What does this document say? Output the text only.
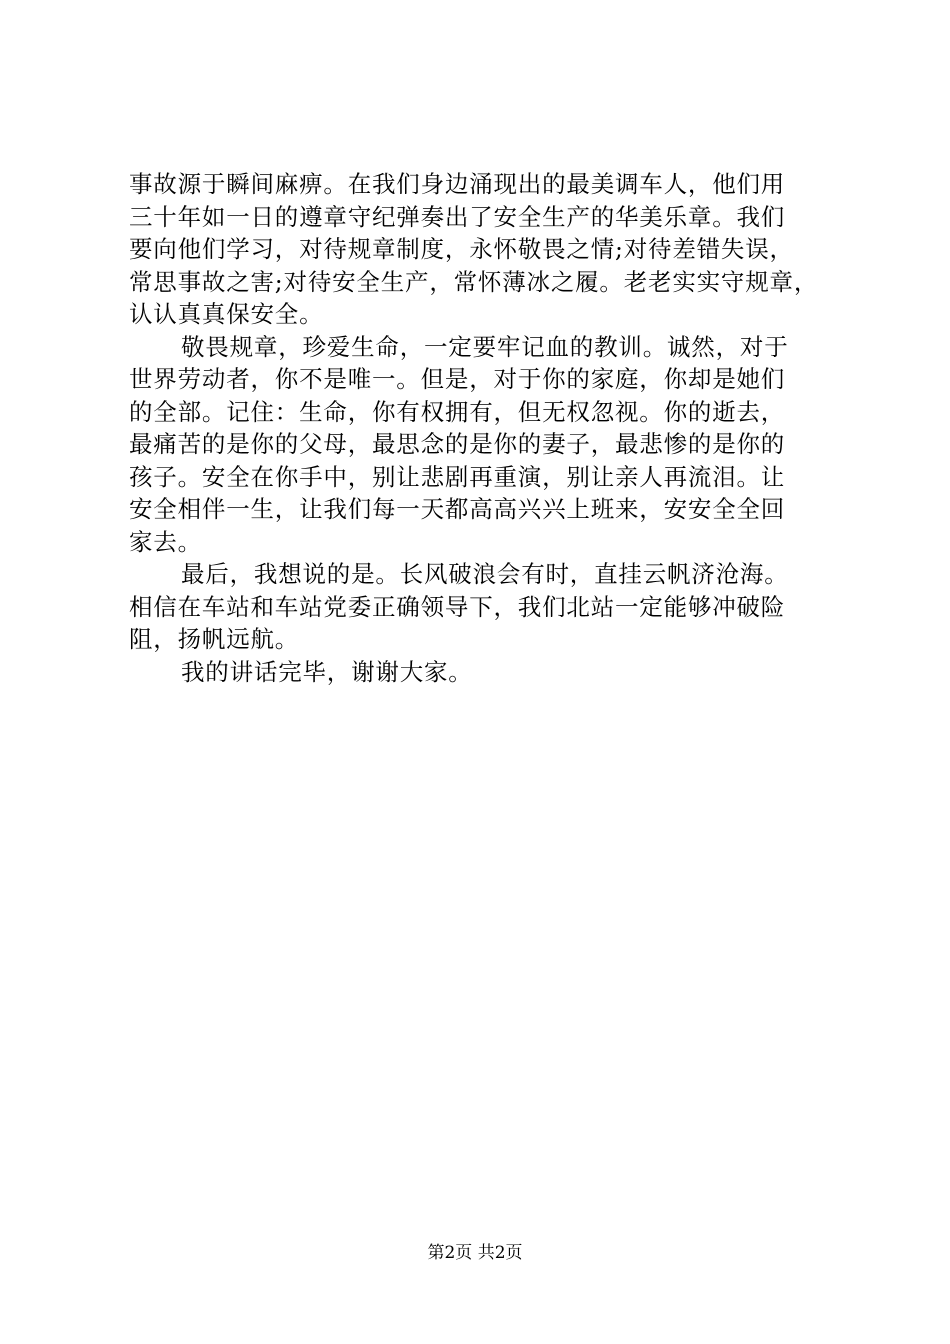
事故源于瞬间麻痹。在我们身边涌现出的最美调车人，他们用
三十年如一日的遵章守纪弹奏出了安全生产的华美乐章。我们
要向他们学习，对待规章制度，永怀敬畏之情;对待差错失误，
常思事故之害;对待安全生产，常怀薄冰之履。老老实实守规章，
认认真真保安全。
敬畏规章，珍爱生命，一定要牢记血的教训。诚然，对于
世界劳动者，你不是唯一。但是，对于你的家庭，你却是她们
的全部。记住：生命，你有权拥有，但无权忽视。你的逝去，
最痛苦的是你的父母，最思念的是你的妻子，最悲惨的是你的
孩子。安全在你手中，别让悲剧再重演，别让亲人再流泪。让
安全相伴一生，让我们每一天都高高兴兴上班来，安安全全回
家去。
最后，我想说的是。长风破浪会有时，直挂云帆济沧海。
相信在车站和车站党委正确领导下，我们北站一定能够冲破险
阻，扬帆远航。
我的讲话完毕，谢谢大家。
第2页 共2页
